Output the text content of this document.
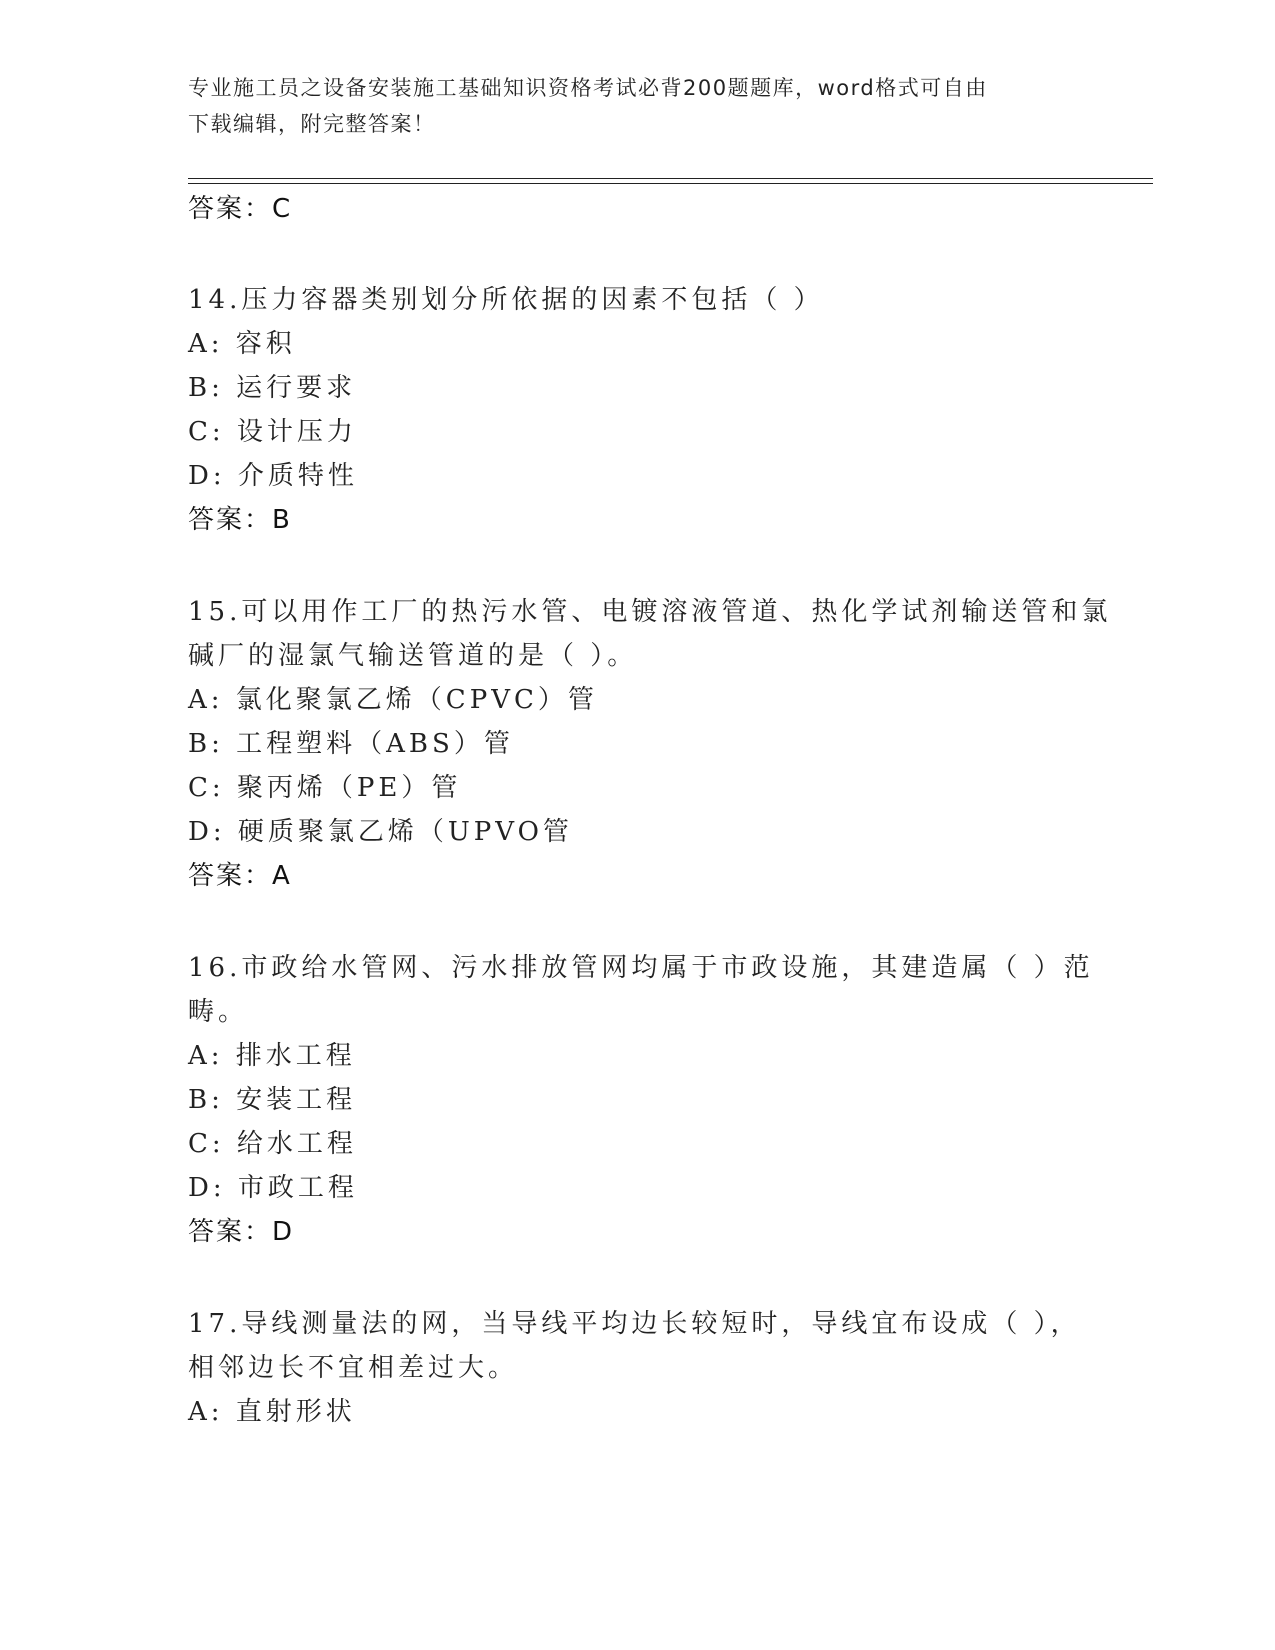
专业施工员之设备安装施工基础知识资格考试必背200题题库，word格式可自由
下载编辑，附完整答案！
答案：C
14.压力容器类别划分所依据的因素不包括（ ）
A: 容积
B: 运行要求
C: 设计压力
D: 介质特性
答案：B
15.可以用作工厂的热污水管、电镀溶液管道、热化学试剂输送管和氯
碱厂的湿氯气输送管道的是（ ）。
A: 氯化聚氯乙烯（CPVC）管
B: 工程塑料（ABS）管
C: 聚丙烯（PE）管
D: 硬质聚氯乙烯（UPVO管
答案：A
16.市政给水管网、污水排放管网均属于市政设施，其建造属（ ）范
畴。
A: 排水工程
B: 安装工程
C: 给水工程
D: 市政工程
答案：D
17.导线测量法的网，当导线平均边长较短时，导线宜布设成（ ），
相邻边长不宜相差过大。
A: 直射形状
